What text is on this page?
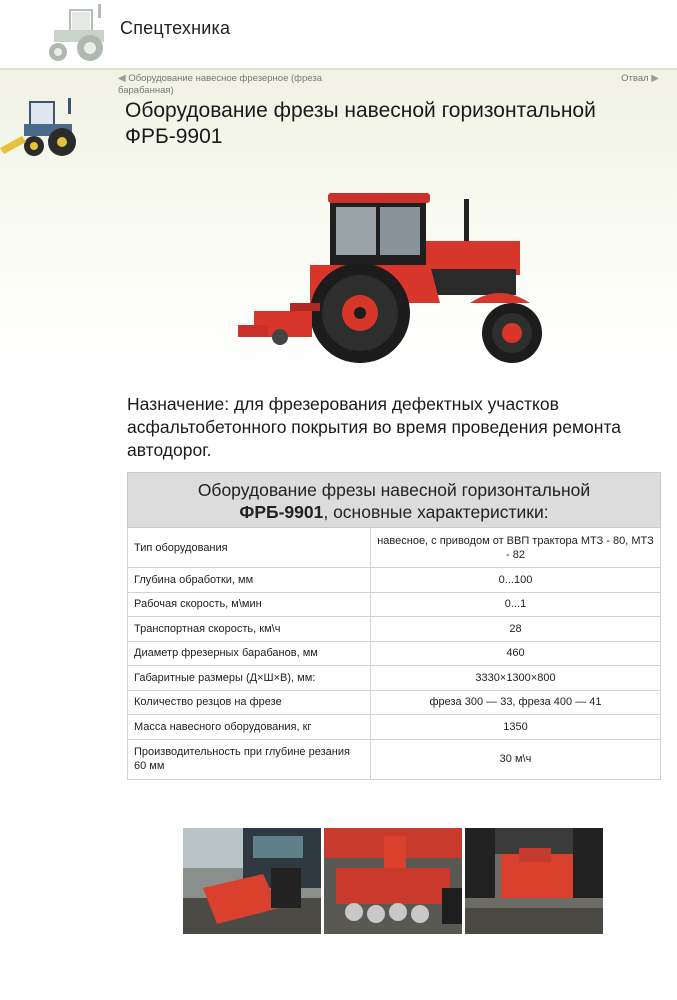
Спецтехника
◀ Оборудование навесное фрезерное (фреза барабанная)
Отвал ▶
Оборудование фрезы навесной горизонтальной ФРБ-9901

Назначение: для фрезерования дефектных участков асфальтобетонного покрытия во время проведения ремонта автодорог.

Оборудование фрезы навесной горизонтальной
ФРБ-9901, основные характеристики:	
Тип оборудования	навесное, с приводом от ВВП трактора МТЗ - 80, МТЗ - 82
Глубина обработки, мм	0...100
Рабочая скорость, м\мин	0...1
Транспортная скорость, км\ч	28
Диаметр фрезерных барабанов, мм	460
Габаритные размеры (Д×Ш×В), мм:	3330×1300×800
Количество резцов на фрезе	фреза 300 — 33, фреза 400 — 41
Масса навесного оборудования, кг	1350
Производительность при глубине резания 60 мм	30 м\ч
